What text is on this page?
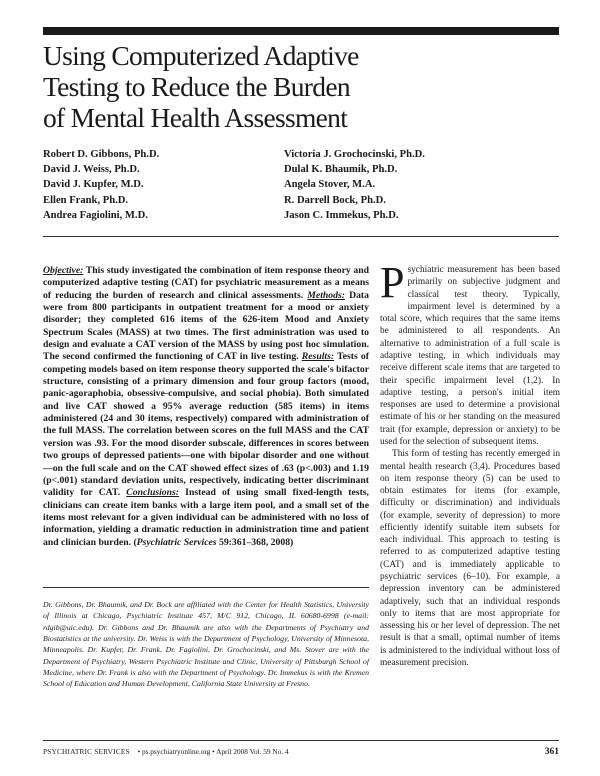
Using Computerized Adaptive
Testing to Reduce the Burden
of Mental Health Assessment
Robert D. Gibbons, Ph.D.
David J. Weiss, Ph.D.
David J. Kupfer, M.D.
Ellen Frank, Ph.D.
Andrea Fagiolini, M.D.
Victoria J. Grochocinski, Ph.D.
Dulal K. Bhaumik, Ph.D.
Angela Stover, M.A.
R. Darrell Bock, Ph.D.
Jason C. Immekus, Ph.D.

Objective: This study investigated the combination of item response theory and computerized adaptive testing (CAT) for psychiatric measurement as a means of reducing the burden of research and clinical assessments. Methods: Data were from 800 participants in outpatient treatment for a mood or anxiety disorder; they completed 616 items of the 626-item Mood and Anxiety Spectrum Scales (MASS) at two times. The first administration was used to design and evaluate a CAT version of the MASS by using post hoc simulation. The second confirmed the functioning of CAT in live testing. Results: Tests of competing models based on item response theory supported the scale's bifactor structure, consisting of a primary dimension and four group factors (mood, panic-agoraphobia, obsessive-compulsive, and social phobia). Both simulated and live CAT showed a 95% average reduction (585 items) in items administered (24 and 30 items, respectively) compared with administration of the full MASS. The correlation between scores on the full MASS and the CAT version was .93. For the mood disorder subscale, differences in scores between two groups of depressed patients—one with bipolar disorder and one without—on the full scale and on the CAT showed effect sizes of .63 (p<.003) and 1.19 (p<.001) standard deviation units, respectively, indicating better discriminant validity for CAT. Conclusions: Instead of using small fixed-length tests, clinicians can create item banks with a large item pool, and a small set of the items most relevant for a given individual can be administered with no loss of information, yielding a dramatic reduction in administration time and patient and clinician burden. (Psychiatric Services 59:361–368, 2008)

Dr. Gibbons, Dr. Bhaumik, and Dr. Bock are affiliated with the Center for Health Statistics, University of Illinois at Chicago, Psychiatric Institute 457, M/C 912, Chicago, IL 60680-6998 (e-mail: rdgib@uic.edu). Dr. Gibbons and Dr. Bhaumik are also with the Departments of Psychiatry and Biostatistics at the university. Dr. Weiss is with the Department of Psychology, University of Minnesota, Minneapolis. Dr. Kupfer, Dr. Frank, Dr. Fagiolini, Dr. Grochocinski, and Ms. Stover are with the Department of Psychiatry, Western Psychiatric Institute and Clinic, University of Pittsburgh School of Medicine, where Dr. Frank is also with the Department of Psychology. Dr. Immekus is with the Kremen School of Education and Human Development, California State University at Fresno.

Psychiatric measurement has been based primarily on subjective judgment and classical test theory. Typically, impairment level is determined by a total score, which requires that the same items be administered to all respondents. An alternative to administration of a full scale is adaptive testing, in which individuals may receive different scale items that are targeted to their specific impairment level (1,2). In adaptive testing, a person's initial item responses are used to determine a provisional estimate of his or her standing on the measured trait (for example, depression or anxiety) to be used for the selection of subsequent items.

This form of testing has recently emerged in mental health research (3,4). Procedures based on item response theory (5) can be used to obtain estimates for items (for example, difficulty or discrimination) and individuals (for example, severity of depression) to more efficiently identify suitable item subsets for each individual. This approach to testing is referred to as computerized adaptive testing (CAT) and is immediately applicable to psychiatric services (6–10). For example, a depression inventory can be administered adaptively, such that an individual responds only to items that are most appropriate for assessing his or her level of depression. The net result is that a small, optimal number of items is administered to the individual without loss of measurement precision.

PSYCHIATRIC SERVICES • ps.psychiatryonline.org • April 2008 Vol. 59 No. 4	361
